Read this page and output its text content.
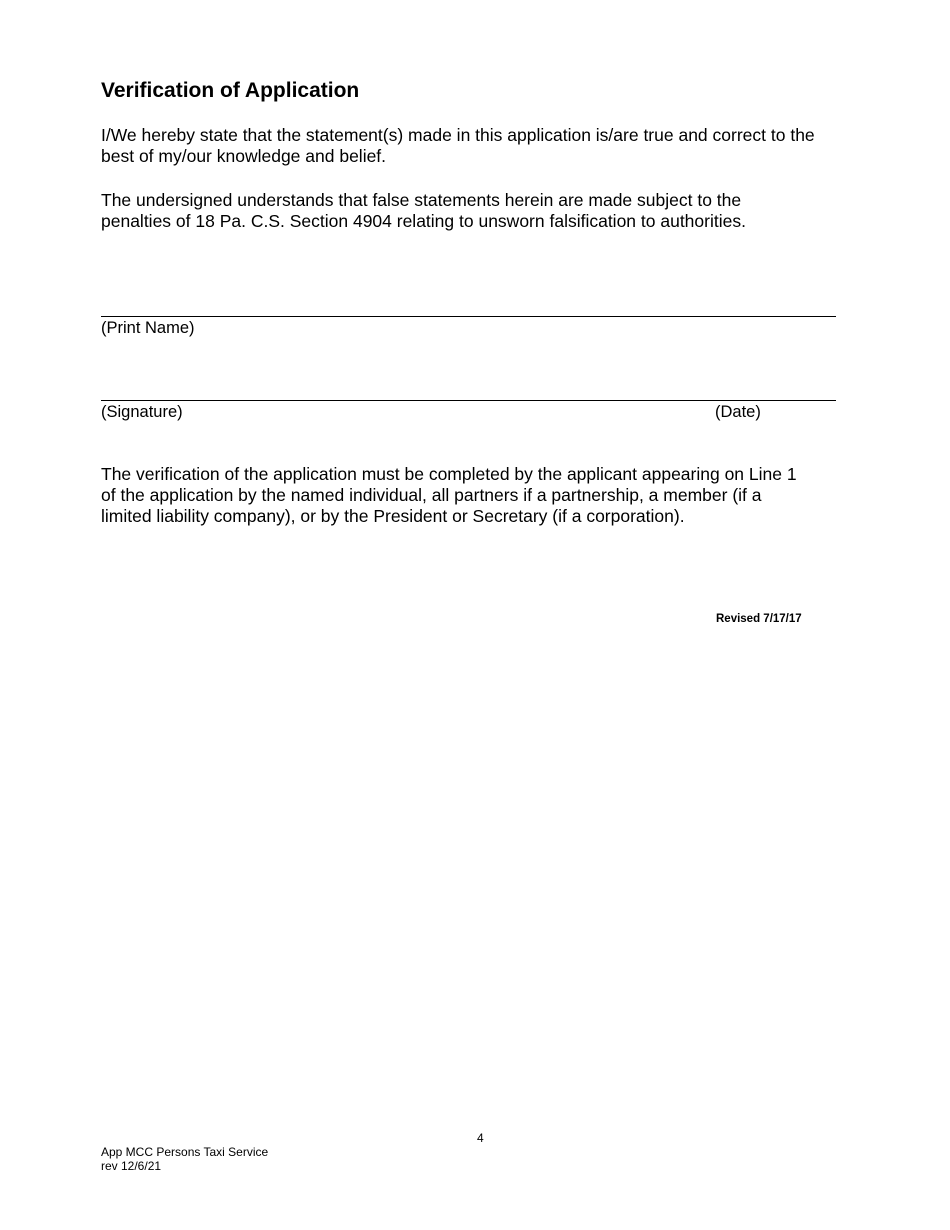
Verification of Application

I/We hereby state that the statement(s) made in this application is/are true and correct to the
best of my/our knowledge and belief.

The undersigned understands that false statements herein are made subject to the
penalties of 18 Pa. C.S. Section 4904 relating to unsworn falsification to authorities.

(Print Name)
(Signature)	(Date)

The verification of the application must be completed by the applicant appearing on Line 1
of the application by the named individual, all partners if a partnership, a member (if a
limited liability company), or by the President or Secretary (if a corporation).

Revised 7/17/17
4
App MCC Persons Taxi Service
rev 12/6/21
